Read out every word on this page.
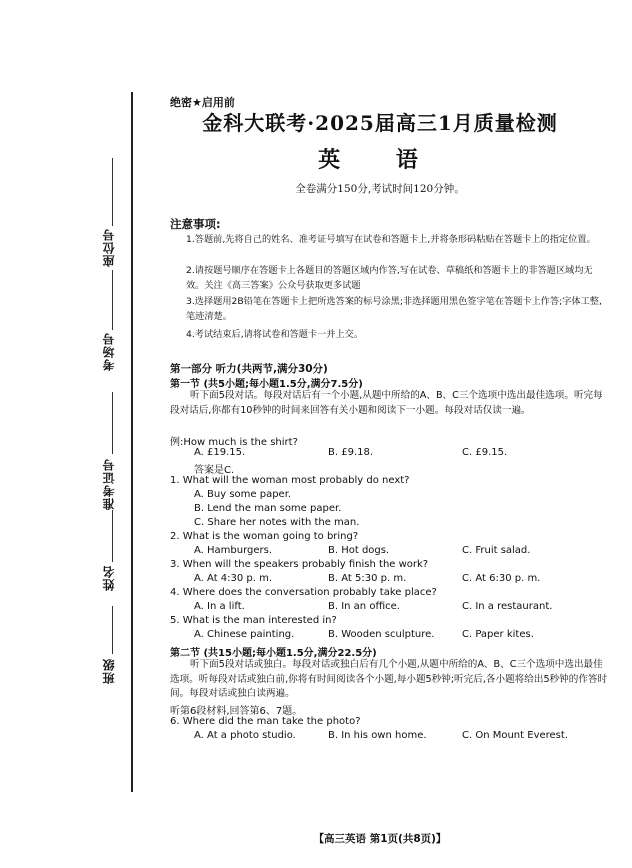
座位号
考场号
准考证号
姓名
班级
绝密★启用前
金科大联考·2025届高三1月质量检测
英 语
全卷满分150分,考试时间120分钟。
注意事项:
1.答题前,先将自己的姓名、准考证号填写在试卷和答题卡上,并将条形码粘贴在答题卡上的指定位置。
2.请按题号顺序在答题卡上各题目的答题区域内作答,写在试卷、草稿纸和答题卡上的非答题区域均无效。关注《高三答案》公众号获取更多试题
3.选择题用2B铅笔在答题卡上把所选答案的标号涂黑;非选择题用黑色签字笔在答题卡上作答;字体工整,笔迹清楚。
4.考试结束后,请将试卷和答题卡一并上交。
第一部分 听力(共两节,满分30分)
第一节 (共5小题;每小题1.5分,满分7.5分)
听下面5段对话。每段对话后有一个小题,从题中所给的A、B、C三个选项中选出最佳选项。听完每段对话后,你都有10秒钟的时间来回答有关小题和阅读下一小题。每段对话仅读一遍。
例:How much is the shirt?
A. £19.15.	B. £9.18.	C. £9.15.
答案是C.
1. What will the woman most probably do next?
A. Buy some paper.
B. Lend the man some paper.
C. Share her notes with the man.
2. What is the woman going to bring?
A. Hamburgers.	B. Hot dogs.	C. Fruit salad.
3. When will the speakers probably finish the work?
A. At 4:30 p. m.	B. At 5:30 p. m.	C. At 6:30 p. m.
4. Where does the conversation probably take place?
A. In a lift.	B. In an office.	C. In a restaurant.
5. What is the man interested in?
A. Chinese painting.	B. Wooden sculpture.	C. Paper kites.
第二节 (共15小题;每小题1.5分,满分22.5分)
听下面5段对话或独白。每段对话或独白后有几个小题,从题中所给的A、B、C三个选项中选出最佳选项。听每段对话或独白前,你将有时间阅读各个小题,每小题5秒钟;听完后,各小题将给出5秒钟的作答时间。每段对话或独白读两遍。
听第6段材料,回答第6、7题。
6. Where did the man take the photo?
A. At a photo studio.	B. In his own home.	C. On Mount Everest.
【高三英语 第1页(共8页)】
